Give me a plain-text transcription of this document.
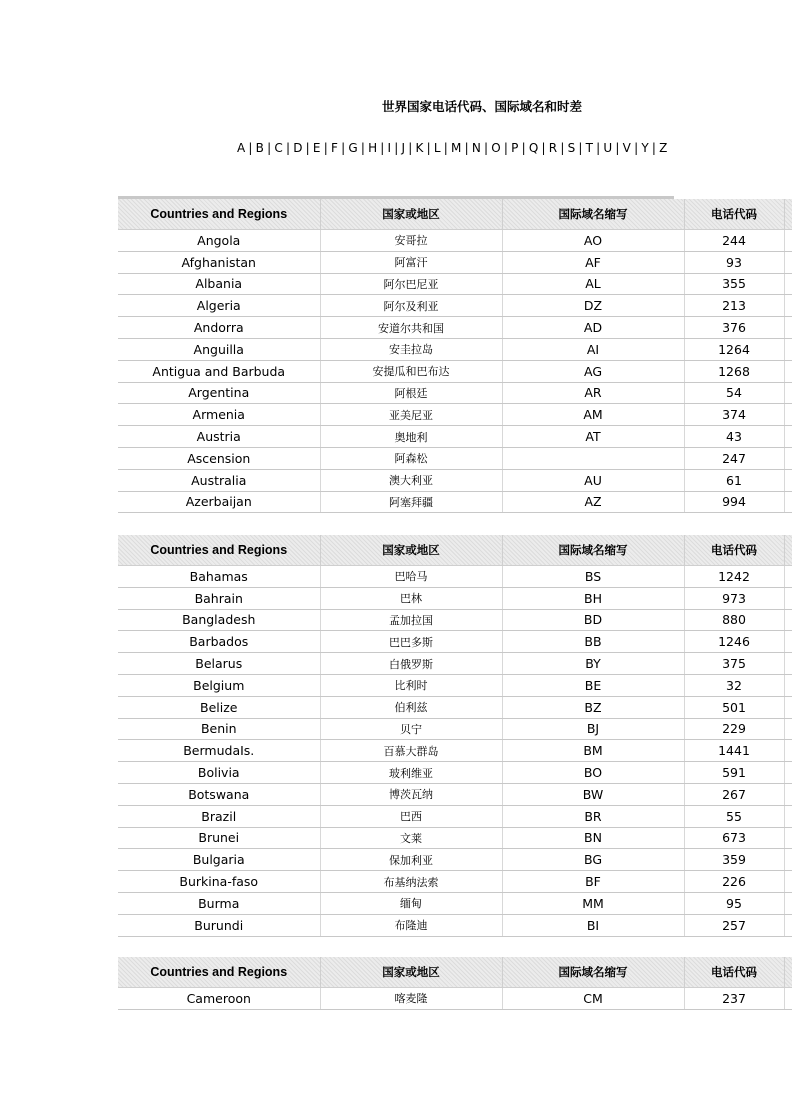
世界国家电话代码、国际域名和时差
A | B | C | D | E | F | G | H | I | J | K | L | M | N | O | P | Q | R | S | T | U | V | Y | Z
Countries and Regions	国家或地区	国际域名缩写	电话代码	
Angola	安哥拉	AO	244	
Afghanistan	阿富汗	AF	93	
Albania	阿尔巴尼亚	AL	355	
Algeria	阿尔及利亚	DZ	213	
Andorra	安道尔共和国	AD	376	
Anguilla	安圭拉岛	AI	1264	
Antigua and Barbuda	安提瓜和巴布达	AG	1268	
Argentina	阿根廷	AR	54	
Armenia	亚美尼亚	AM	374	
Austria	奥地利	AT	43	
Ascension	阿森松		247	
Australia	澳大利亚	AU	61	
Azerbaijan	阿塞拜疆	AZ	994	
Countries and Regions	国家或地区	国际域名缩写	电话代码	
Bahamas	巴哈马	BS	1242	
Bahrain	巴林	BH	973	
Bangladesh	孟加拉国	BD	880	
Barbados	巴巴多斯	BB	1246	
Belarus	白俄罗斯	BY	375	
Belgium	比利时	BE	32	
Belize	伯利兹	BZ	501	
Benin	贝宁	BJ	229	
BermudaIs.	百慕大群岛	BM	1441	
Bolivia	玻利维亚	BO	591	
Botswana	博茨瓦纳	BW	267	
Brazil	巴西	BR	55	
Brunei	文莱	BN	673	
Bulgaria	保加利亚	BG	359	
Burkina-faso	布基纳法索	BF	226	
Burma	缅甸	MM	95	
Burundi	布隆迪	BI	257	
Countries and Regions	国家或地区	国际域名缩写	电话代码	
Cameroon	喀麦隆	CM	237	
